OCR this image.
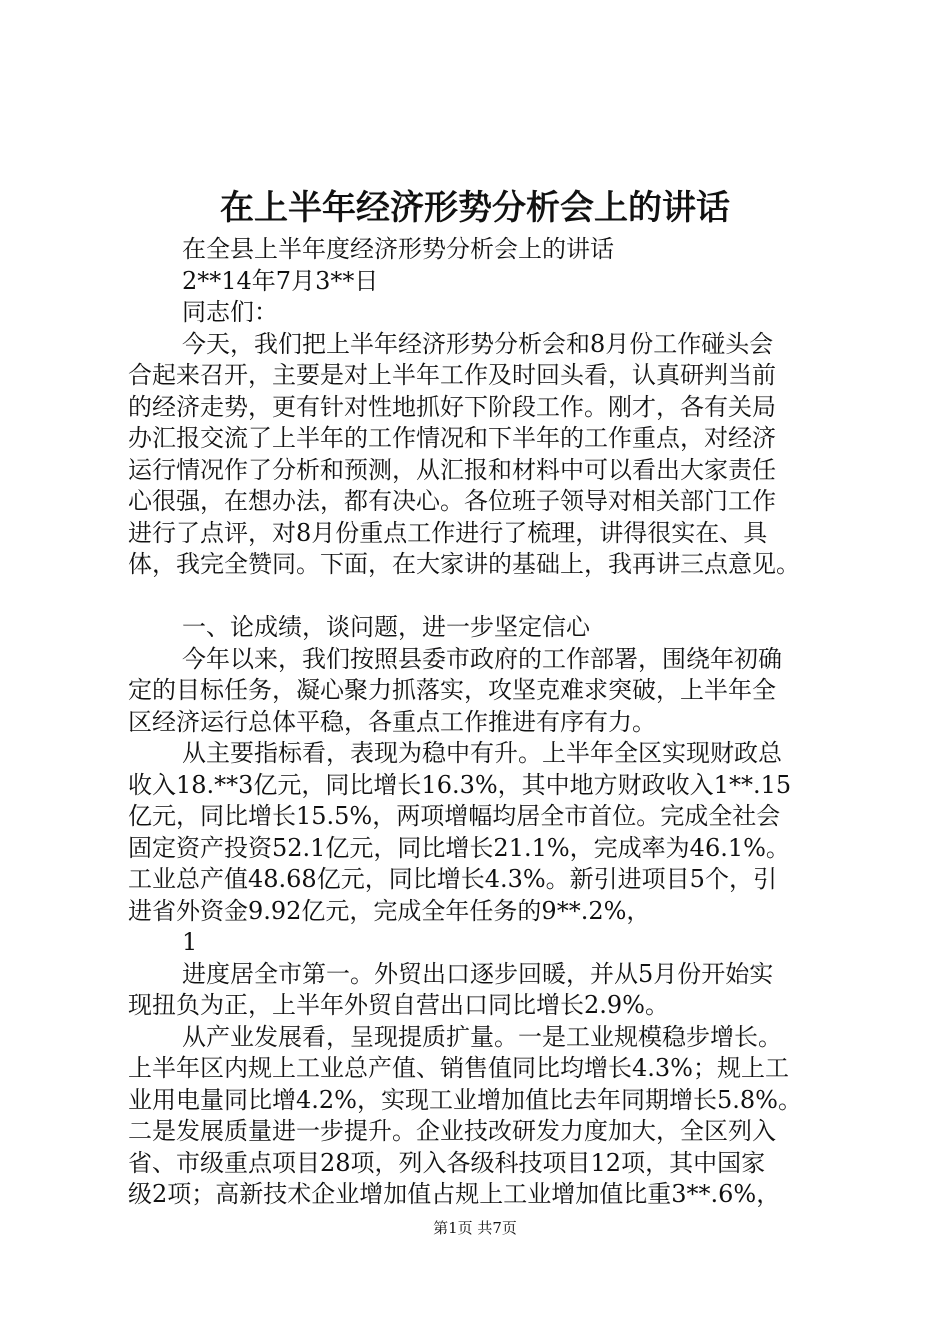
在上半年经济形势分析会上的讲话

在全县上半年度经济形势分析会上的讲话

2**14年7月3**日

同志们：

今天，我们把上半年经济形势分析会和8月份工作碰头会
合起来召开，主要是对上半年工作及时回头看，认真研判当前
的经济走势，更有针对性地抓好下阶段工作。刚才，各有关局
办汇报交流了上半年的工作情况和下半年的工作重点，对经济
运行情况作了分析和预测，从汇报和材料中可以看出大家责任
心很强，在想办法，都有决心。各位班子领导对相关部门工作
进行了点评，对8月份重点工作进行了梳理，讲得很实在、具
体，我完全赞同。下面，在大家讲的基础上，我再讲三点意见。

一、论成绩，谈问题，进一步坚定信心

今年以来，我们按照县委市政府的工作部署，围绕年初确
定的目标任务，凝心聚力抓落实，攻坚克难求突破，上半年全
区经济运行总体平稳，各重点工作推进有序有力。

从主要指标看，表现为稳中有升。上半年全区实现财政总
收入18.**3亿元，同比增长16.3%，其中地方财政收入1**.15
亿元，同比增长15.5%，两项增幅均居全市首位。完成全社会
固定资产投资52.1亿元，同比增长21.1%，完成率为46.1%。
工业总产值48.68亿元，同比增长4.3%。新引进项目5个，引
进省外资金9.92亿元，完成全年任务的9**.2%，

1

进度居全市第一。外贸出口逐步回暖，并从5月份开始实
现扭负为正，上半年外贸自营出口同比增长2.9%。

从产业发展看，呈现提质扩量。一是工业规模稳步增长。
上半年区内规上工业总产值、销售值同比均增长4.3%；规上工
业用电量同比增4.2%，实现工业增加值比去年同期增长5.8%。
二是发展质量进一步提升。企业技改研发力度加大，全区列入
省、市级重点项目28项，列入各级科技项目12项，其中国家
级2项；高新技术企业增加值占规上工业增加值比重3**.6%，

第1页 共7页
